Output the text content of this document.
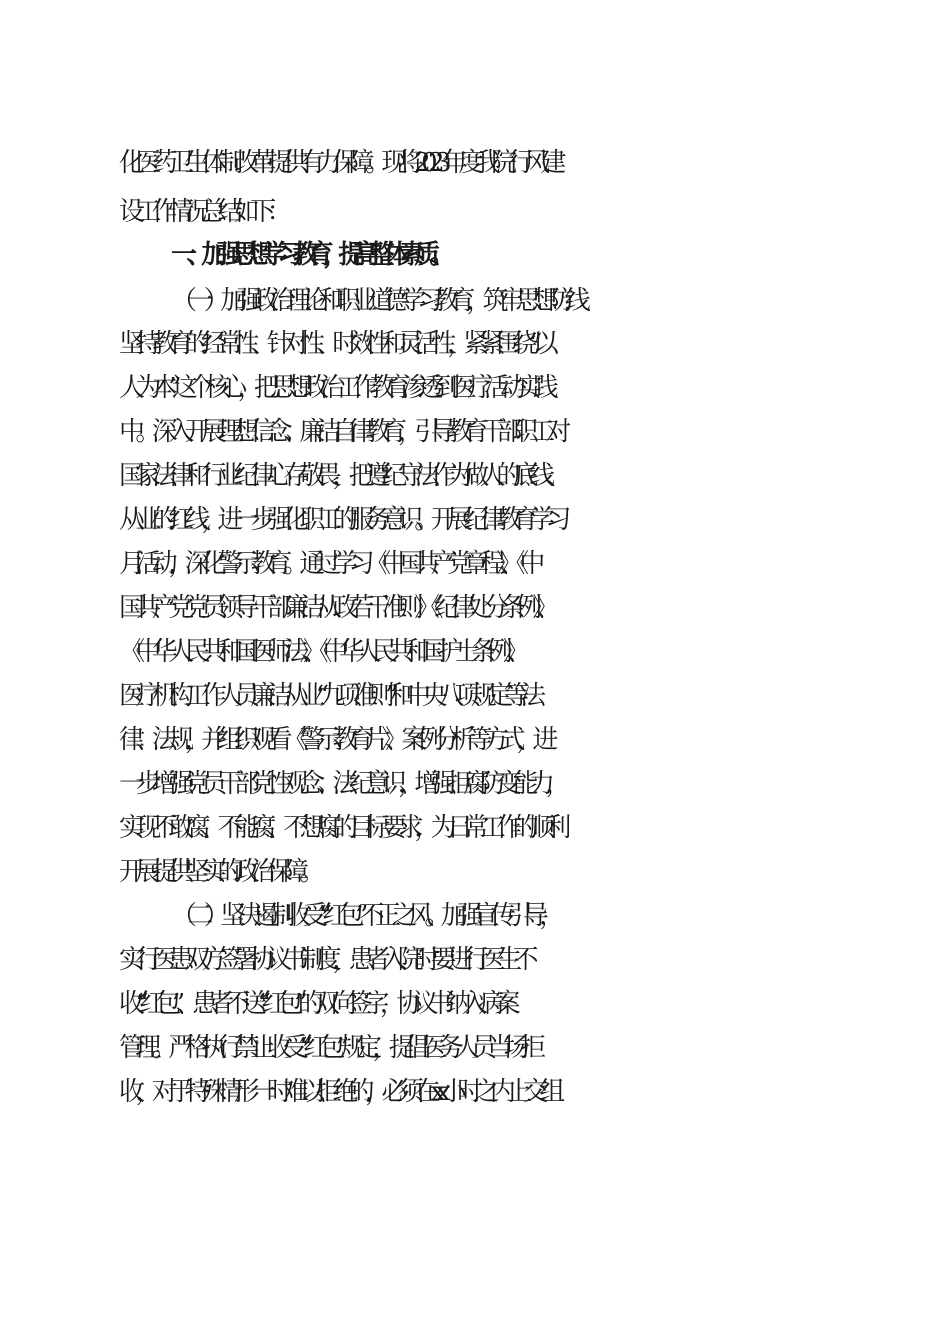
化医药卫生体制改革提供有力保障。现将2023年度我院行风建
设工作情况总结如下：
一、加强思想学习教育，提高整体素质。
（一）加强政治理论和职业道德学习教育，筑牢思想防线
坚持教育的经常性、针对性、时效性和灵活性，紧紧围绕“以
人为本”这个核心，把思想政治工作教育渗透到医疗活动实践
中。深入开展理想信念、廉洁自律教育，引导教育干部职工对
国家法律和行业纪律心存敬畏，把遵纪守法作为做人的底线、
从业的红线，进一步强化职工的服务意识。开展纪律教育学习
月活动，深化警示教育。通过学习《中国共产党章程》、《中
国共产党党员领导干部廉洁从政若干准则》《纪律处分条例》、
《中华人民共和国医师法》、《中华人民共和国护士条例》、
医疗机构工作人员廉洁从业“九项准则”和中央八项规定等法
律、法规，并组织观看《警示教育片》、案例分析等方式，进
一步增强党员干部党性观念、法纪意识，增强拒腐防变能力，
实现不敢腐、不能腐、不想腐的目标要求，为日常工作的顺利
开展提供坚实的政治保障。
（二）坚决遏制收受“红包”不正之风。加强宣传引导，
实行医患双方签署协议书制度，患者入院时要进行医生不
收“红包”、患者不送“红包”的双向签字，协议书纳入病案
管理。严格执行禁止收受“红包”规定，提倡医务人员当场拒
收，对于特殊情形一时难以拒绝的，必须在xx小时之内上交组
